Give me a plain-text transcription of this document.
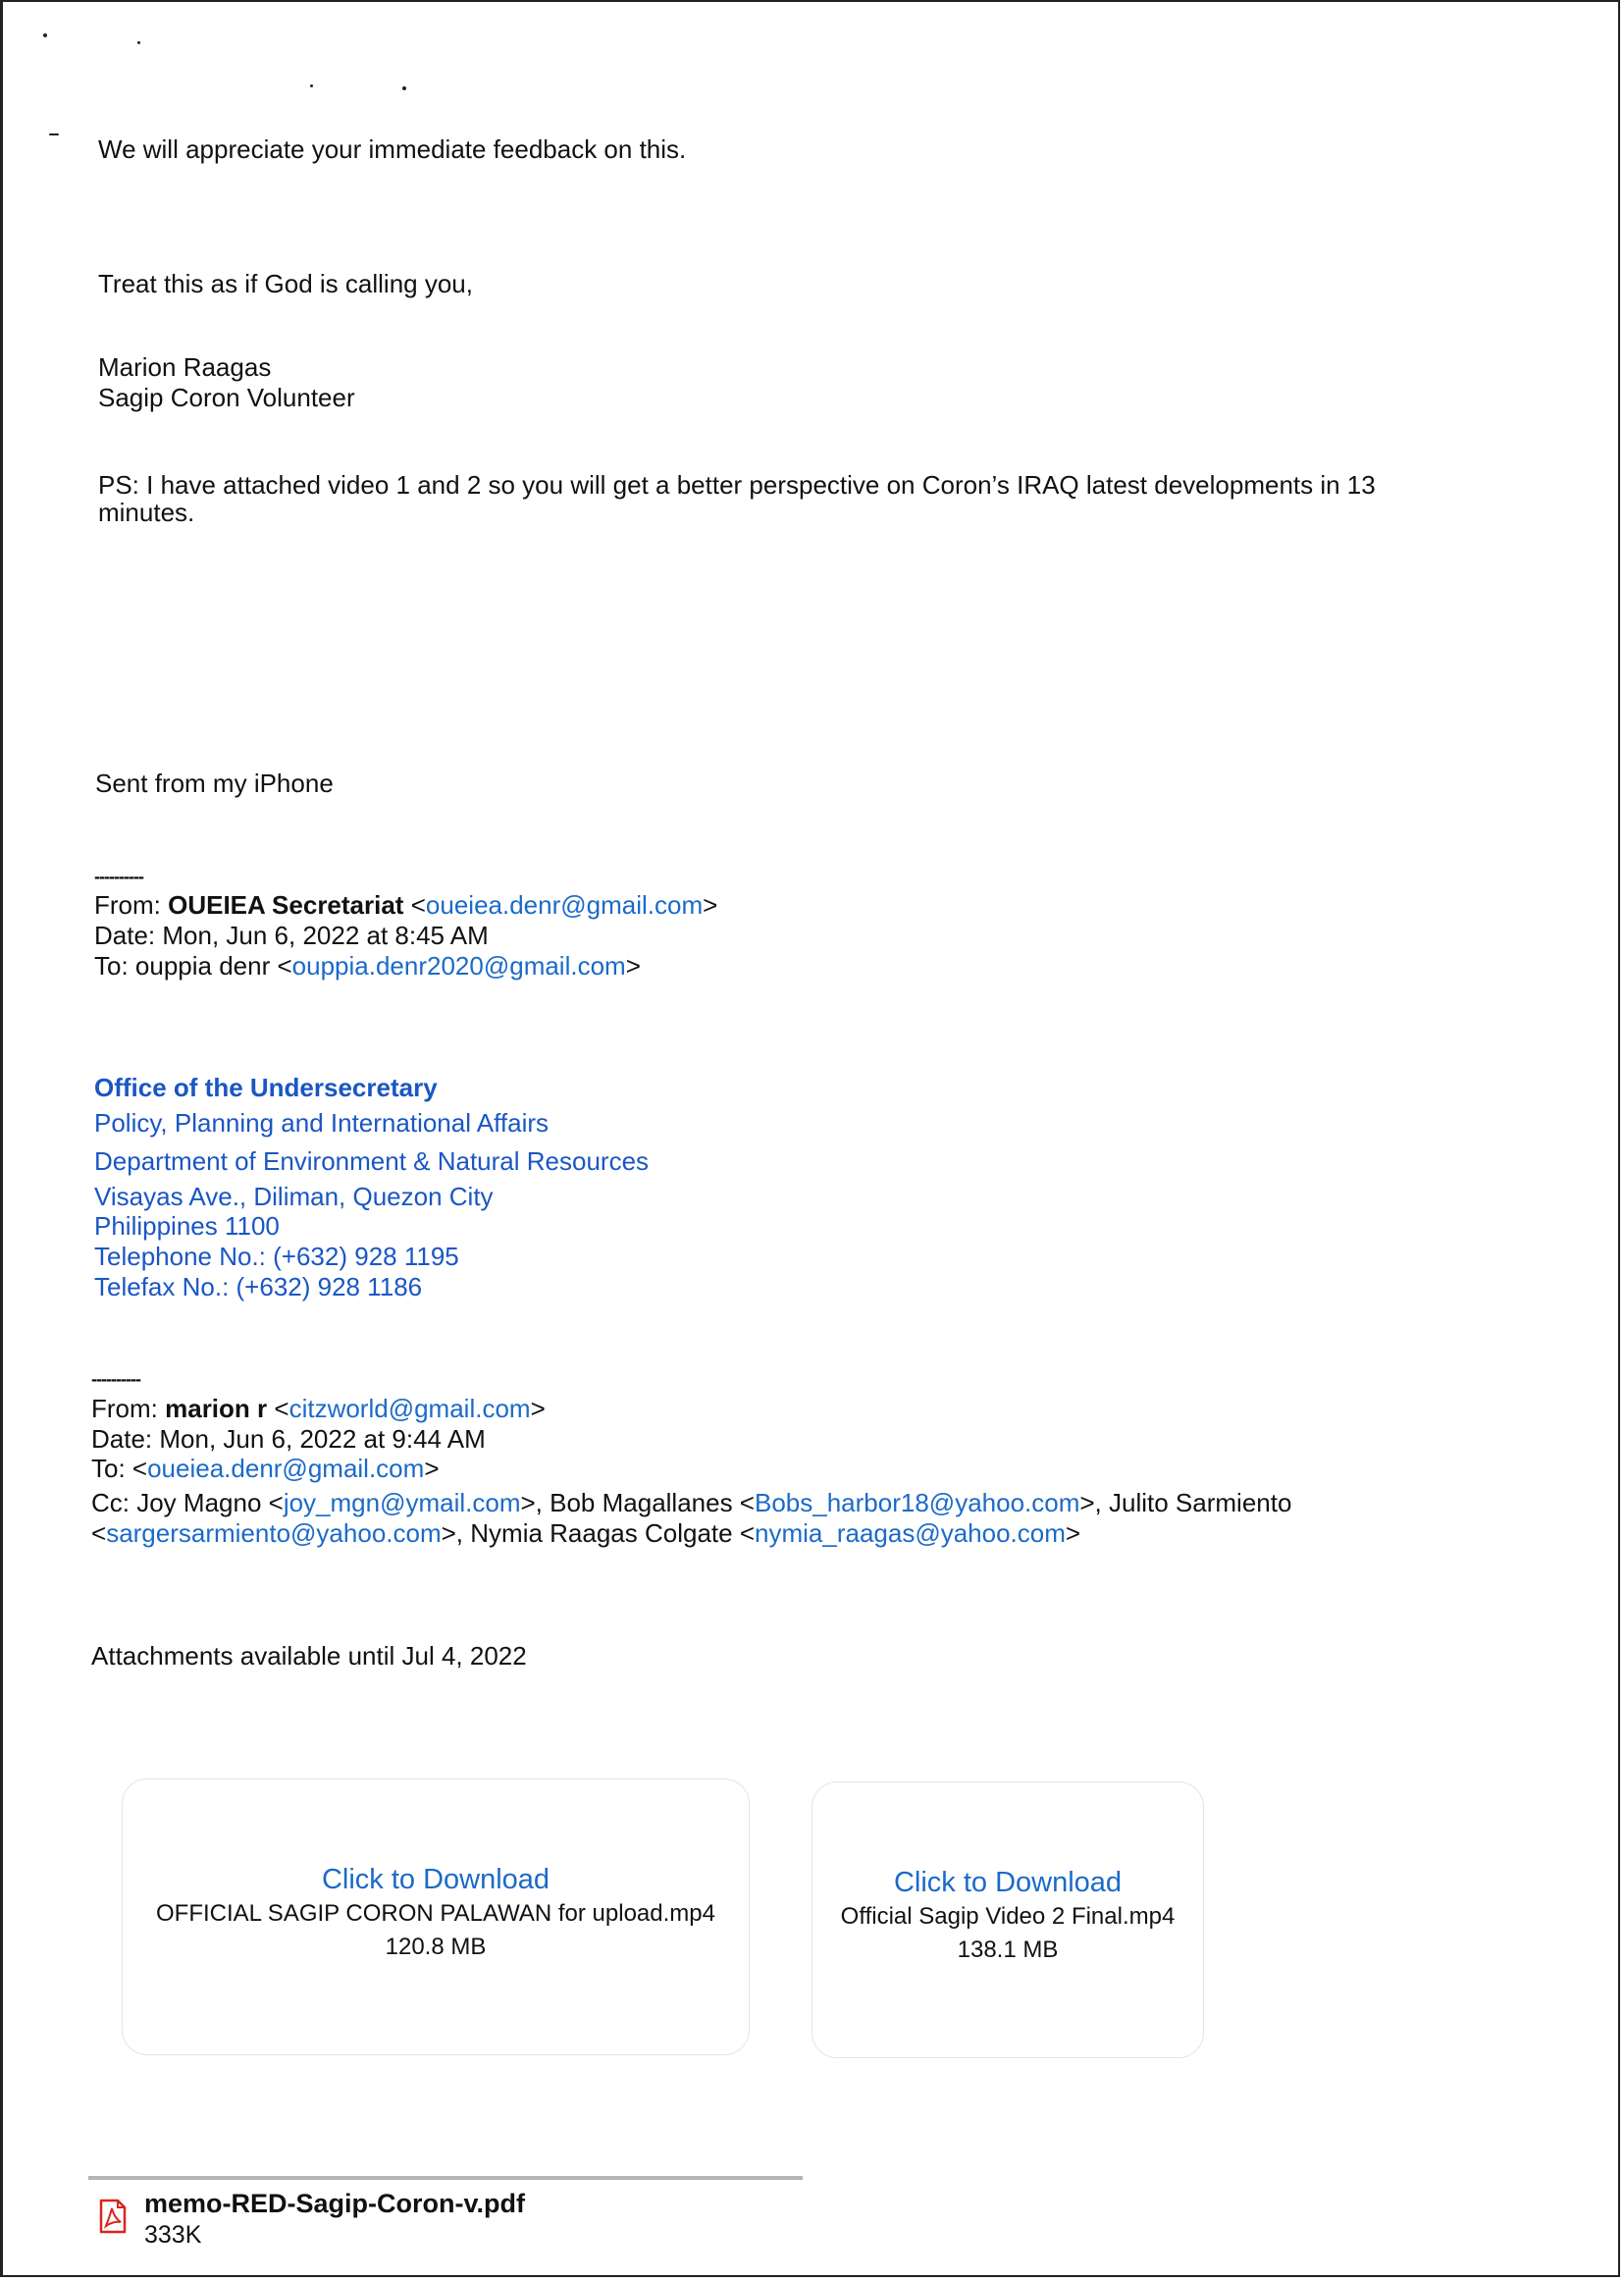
We will appreciate your immediate feedback on this.
Treat this as if God is calling you,
Marion Raagas
Sagip Coron Volunteer
PS: I have attached video 1 and 2 so you will get a better perspective on Coron’s IRAQ latest developments in 13
minutes.
Sent from my iPhone
----------
From: OUEIEA Secretariat <oueiea.denr@gmail.com>
Date: Mon, Jun 6, 2022 at 8:45 AM
To: ouppia denr <ouppia.denr2020@gmail.com>
Office of the Undersecretary
Policy, Planning and International Affairs
Department of Environment & Natural Resources
Visayas Ave., Diliman, Quezon City
Philippines 1100
Telephone No.: (+632) 928 1195
Telefax No.: (+632) 928 1186
----------
From: marion r <citzworld@gmail.com>
Date: Mon, Jun 6, 2022 at 9:44 AM
To: <oueiea.denr@gmail.com>
Cc: Joy Magno <joy_mgn@ymail.com>, Bob Magallanes <Bobs_harbor18@yahoo.com>, Julito Sarmiento
<sargersarmiento@yahoo.com>, Nymia Raagas Colgate <nymia_raagas@yahoo.com>
Attachments available until Jul 4, 2022
Click to Download
OFFICIAL SAGIP CORON PALAWAN for upload.mp4
120.8 MB
Click to Download
Official Sagip Video 2 Final.mp4
138.1 MB
memo-RED-Sagip-Coron-v.pdf
333K
